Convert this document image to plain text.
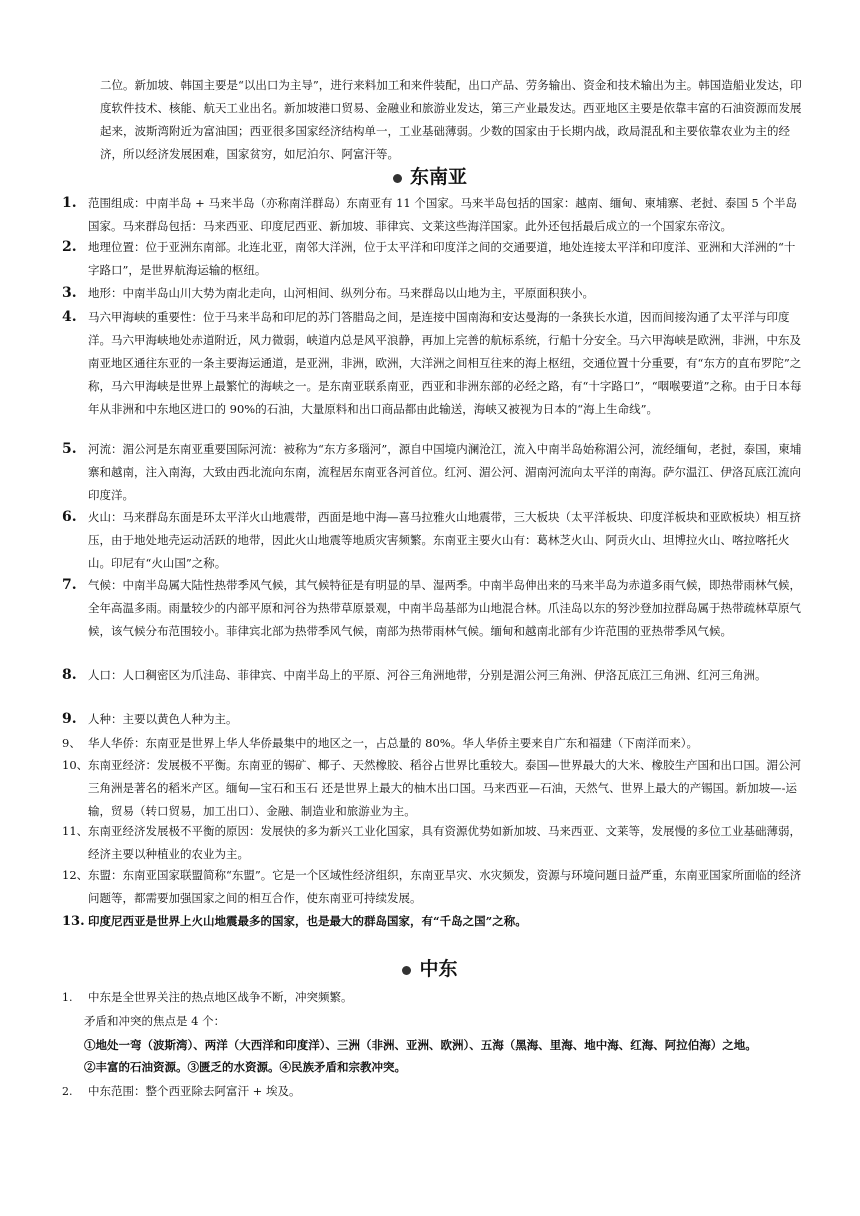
二位。新加坡、韩国主要是“以出口为主导”，进行来料加工和来件装配，出口产品、劳务输出、资金和技术输出为主。韩国造船业发达，印度软件技术、核能、航天工业出名。新加坡港口贸易、金融业和旅游业发达，第三产业最发达。西亚地区主要是依靠丰富的石油资源而发展起来，波斯湾附近为富油国；西亚很多国家经济结构单一，工业基础薄弱。少数的国家由于长期内战，政局混乱和主要依靠农业为主的经济，所以经济发展困难，国家贫穷，如尼泊尔、阿富汗等。

东南亚
1. 范围组成：中南半岛 + 马来半岛（亦称南洋群岛）东南亚有 11 个国家。马来半岛包括的国家：越南、缅甸、柬埔寨、老挝、泰国 5 个半岛国家。马来群岛包括：马来西亚、印度尼西亚、新加坡、菲律宾、文莱这些海洋国家。此外还包括最后成立的一个国家东帝汶。
2. 地理位置：位于亚洲东南部。北连北亚，南邻大洋洲，位于太平洋和印度洋之间的交通要道，地处连接太平洋和印度洋、亚洲和大洋洲的“十字路口”，是世界航海运输的枢纽。
3. 地形：中南半岛山川大势为南北走向，山河相间、纵列分布。马来群岛以山地为主，平原面积狭小。
4. 马六甲海峡的重要性：位于马来半岛和印尼的苏门答腊岛之间，是连接中国南海和安达曼海的一条狭长水道，因而间接沟通了太平洋与印度洋。马六甲海峡地处赤道附近，风力微弱，峡道内总是风平浪静，再加上完善的航标系统，行船十分安全。马六甲海峡是欧洲，非洲，中东及南亚地区通往东亚的一条主要海运通道，是亚洲，非洲，欧洲，大洋洲之间相互往来的海上枢纽，交通位置十分重要，有“东方的直布罗陀”之称，马六甲海峡是世界上最繁忙的海峡之一。是东南亚联系南亚，西亚和非洲东部的必经之路，有“十字路口”，“咽喉要道”之称。由于日本每年从非洲和中东地区进口的 90%的石油，大量原料和出口商品都由此输送，海峡又被视为日本的“海上生命线”。
5. 河流：湄公河是东南亚重要国际河流：被称为“东方多瑙河”，源自中国境内澜沧江，流入中南半岛始称湄公河，流经缅甸，老挝，泰国，柬埔寨和越南，注入南海，大致由西北流向东南，流程居东南亚各河首位。红河、湄公河、湄南河流向太平洋的南海。萨尔温江、伊洛瓦底江流向印度洋。
6. 火山：马来群岛东面是环太平洋火山地震带，西面是地中海—喜马拉雅火山地震带，三大板块（太平洋板块、印度洋板块和亚欧板块）相互挤压，由于地处地壳运动活跃的地带，因此火山地震等地质灾害频繁。东南亚主要火山有：葛林芝火山、阿贡火山、坦博拉火山、喀拉喀托火山。印尼有“火山国”之称。
7. 气候：中南半岛属大陆性热带季风气候，其气候特征是有明显的旱、湿两季。中南半岛伸出来的马来半岛为赤道多雨气候，即热带雨林气候，全年高温多雨。雨量较少的内部平原和河谷为热带草原景观，中南半岛基部为山地混合林。爪洼岛以东的努沙登加拉群岛属于热带疏林草原气候，该气候分布范围较小。菲律宾北部为热带季风气候，南部为热带雨林气候。缅甸和越南北部有少许范围的亚热带季风气候。
8. 人口：人口稠密区为爪洼岛、菲律宾、中南半岛上的平原、河谷三角洲地带，分别是湄公河三角洲、伊洛瓦底江三角洲、红河三角洲。
9. 人种：主要以黄色人种为主。
9、 华人华侨：东南亚是世界上华人华侨最集中的地区之一，占总量的 80%。华人华侨主要来自广东和福建（下南洋而来）。
10、 东南亚经济：发展极不平衡。东南亚的锡矿、椰子、天然橡胶、稻谷占世界比重较大。泰国—世界最大的大米、橡胶生产国和出口国。湄公河三角洲是著名的稻米产区。缅甸—宝石和玉石 还是世界上最大的柚木出口国。马来西亚—石油，天然气、世界上最大的产锡国。新加坡—-运输，贸易（转口贸易，加工出口）、金融、制造业和旅游业为主。
11、 东南亚经济发展极不平衡的原因：发展快的多为新兴工业化国家，具有资源优势如新加坡、马来西亚、文莱等，发展慢的多位工业基础薄弱，经济主要以种植业的农业为主。
12、 东盟：东南亚国家联盟简称“东盟”。它是一个区域性经济组织，东南亚旱灾、水灾频发，资源与环境问题日益严重，东南亚国家所面临的经济问题等，都需要加强国家之间的相互合作，使东南亚可持续发展。
13. 印度尼西亚是世界上火山地震最多的国家，也是最大的群岛国家，有“千岛之国”之称。
中东
1.	中东是全世界关注的热点地区战争不断，冲突频繁。
矛盾和冲突的焦点是 4 个：
①地处一弯（波斯湾）、两洋（大西洋和印度洋）、三洲（非洲、亚洲、欧洲）、五海（黑海、里海、地中海、红海、阿拉伯海）之地。
②丰富的石油资源。③匮乏的水资源。④民族矛盾和宗教冲突。
2.	中东范围：整个西亚除去阿富汗 + 埃及。
